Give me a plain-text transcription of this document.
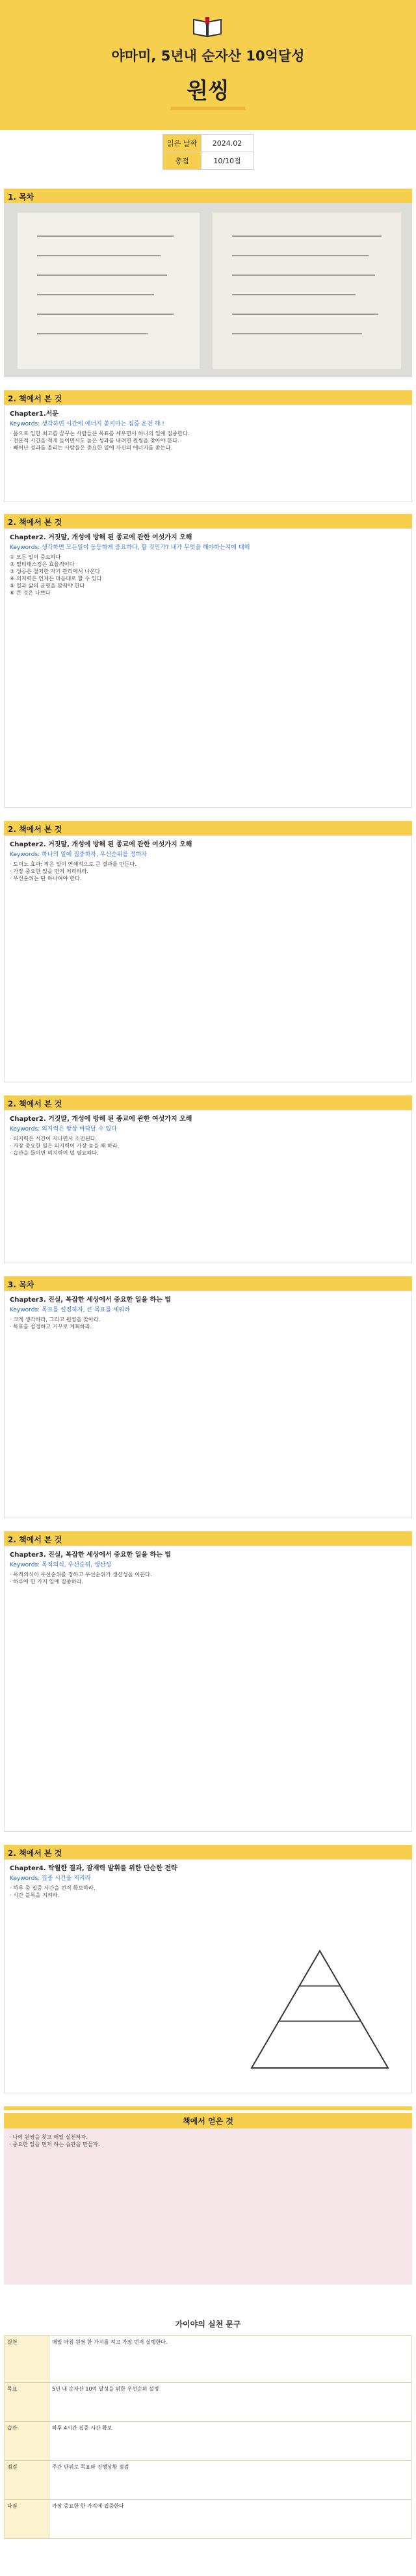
야마미, 5년내 순자산 10억달성
원씽
읽은 날짜	2024.02
총점	10/10점
1. 목차
2. 책에서 본 것
Chapter1.서문
Keywords: 생각하면 시간에 에너지 쏟지마는 집중 운전 해 !
· 몸으로 일한 최고를 꿈꾸는 사람들은 목표를 세우면서 하나의 일에 집중한다.
· 전문적 시간을 적게 들이면서도 높은 성과를 내려면 원씽을 찾아야 한다.
· 빼어난 성과를 올리는 사람들은 중요한 일에 자신의 에너지를 쏟는다.
2. 책에서 본 것
Chapter2. 거짓말, 개성에 방해 된 종교에 관한 여섯가지 오해
Keywords: 생각하면 모든일이 동등하게 중요하다, 할 것인가? 내가 무엇을 해야하는지에 대해
① 모든 일이 중요하다
② 멀티태스킹은 효율적이다
③ 성공은 철저한 자기 관리에서 나온다
④ 의지력은 언제든 마음대로 할 수 있다
⑤ 일과 삶의 균형을 맞춰야 한다
⑥ 큰 것은 나쁘다
2. 책에서 본 것
Chapter2. 거짓말, 개성에 방해 된 종교에 관한 여섯가지 오해
Keywords: 하나의 일에 집중하자, 우선순위를 정하자
· 도미노 효과: 작은 일이 연쇄적으로 큰 결과를 만든다.
· 가장 중요한 일을 먼저 처리하라.
· 우선순위는 단 하나여야 한다.
2. 책에서 본 것
Chapter2. 거짓말, 개성에 방해 된 종교에 관한 여섯가지 오해
Keywords: 의지력은 항상 바닥날 수 있다
· 의지력은 시간이 지나면서 소진된다.
· 가장 중요한 일은 의지력이 가장 높을 때 하라.
· 습관을 들이면 의지력이 덜 필요하다.
3. 목차
Chapter3. 진실, 복잡한 세상에서 중요한 일을 하는 법
Keywords: 목표를 설정하자, 큰 목표를 세워라
· 크게 생각하라, 그리고 원씽을 찾아라.
· 목표를 설정하고 거꾸로 계획하라.
2. 책에서 본 것
Chapter3. 진실, 복잡한 세상에서 중요한 일을 하는 법
Keywords: 목적의식, 우선순위, 생산성
· 목적의식이 우선순위를 정하고 우선순위가 생산성을 이끈다.
· 하루에 한 가지 일에 집중하라.
2. 책에서 본 것
Chapter4. 탁월한 결과, 잠재력 발휘를 위한 단순한 전략
Keywords: 집중 시간을 지켜라
· 하루 중 집중 시간을 먼저 확보하라.
· 시간 블록을 지켜라.
책에서 얻은 것
· 나의 원씽을 찾고 매일 실천하자.
· 중요한 일을 먼저 하는 습관을 만들자.
가이야의 실천 문구
실천	매일 아침 원씽 한 가지를 적고 가장 먼저 실행한다.
목표	5년 내 순자산 10억 달성을 위한 우선순위 설정
습관	하루 4시간 집중 시간 확보
점검	주간 단위로 목표와 진행상황 점검
다짐	가장 중요한 한 가지에 집중한다
